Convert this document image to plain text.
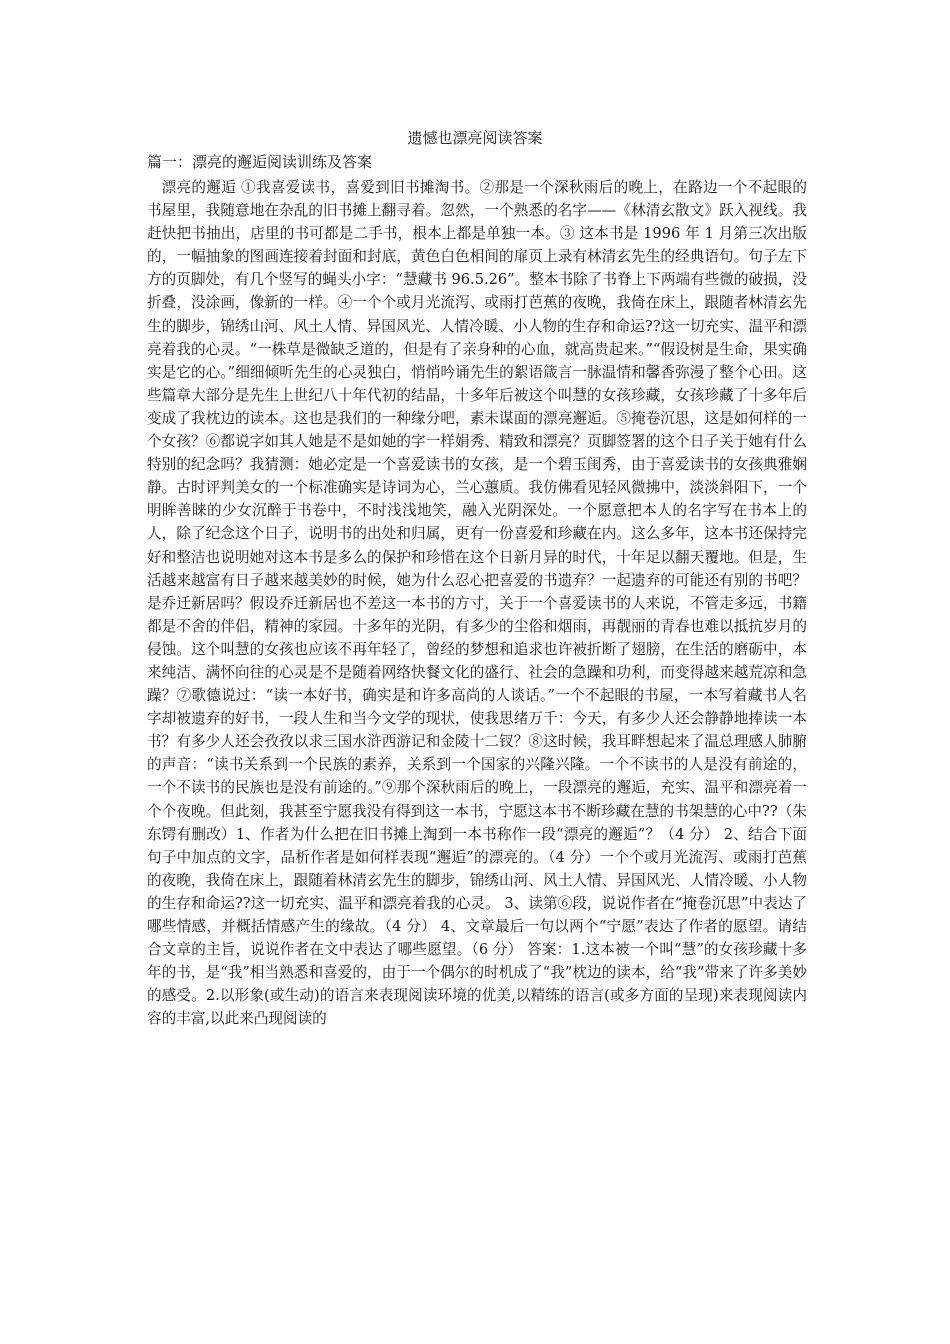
遗憾也漂亮阅读答案
篇一：漂亮的邂逅阅读训练及答案

漂亮的邂逅 ①我喜爱读书，喜爱到旧书摊淘书。②那是一个深秋雨后的晚上，在路边一个不起眼的书屋里，我随意地在杂乱的旧书摊上翻寻着。忽然，一个熟悉的名字——《林清玄散文》跃入视线。我赶快把书抽出，店里的书可都是二手书，根本上都是单独一本。③ 这本书是 1996 年 1 月第三次出版的，一幅抽象的图画连接着封面和封底，黄色白色相间的扉页上录有林清玄先生的经典语句。句子左下方的页脚处，有几个竖写的蝇头小字：“慧藏书 96.5.26”。整本书除了书脊上下两端有些微的破损，没折叠，没涂画，像新的一样。④一个个或月光流泻、或雨打芭蕉的夜晚，我倚在床上，跟随者林清玄先生的脚步，锦绣山河、风土人情、异国风光、人情冷暖、小人物的生存和命运??这一切充实、温平和漂亮着我的心灵。“一株草是微缺乏道的，但是有了亲身种的心血，就高贵起来。”“假设树是生命，果实确实是它的心。”细细倾听先生的心灵独白，悄悄吟诵先生的絮语箴言一脉温情和馨香弥漫了整个心田。这些篇章大部分是先生上世纪八十年代初的结晶，十多年后被这个叫慧的女孩珍藏，女孩珍藏了十多年后变成了我枕边的读本。这也是我们的一种缘分吧，素未谋面的漂亮邂逅。⑤掩卷沉思，这是如何样的一个女孩？⑥都说字如其人她是不是如她的字一样娟秀、精致和漂亮？页脚签署的这个日子关于她有什么特别的纪念吗？我猜测：她必定是一个喜爱读书的女孩，是一个碧玉闺秀，由于喜爱读书的女孩典雅娴静。古时评判美女的一个标准确实是诗词为心，兰心蕙质。我仿佛看见轻风微拂中，淡淡斜阳下，一个明眸善睐的少女沉醉于书卷中，不时浅浅地笑，融入光阴深处。一个愿意把本人的名字写在书本上的人，除了纪念这个日子，说明书的出处和归属，更有一份喜爱和珍藏在内。这么多年，这本书还保持完好和整洁也说明她对这本书是多么的保护和珍惜在这个日新月异的时代，十年足以翻天覆地。但是，生活越来越富有日子越来越美妙的时候，她为什么忍心把喜爱的书遗弃？一起遗弃的可能还有别的书吧？是乔迁新居吗？假设乔迁新居也不差这一本书的方寸，关于一个喜爱读书的人来说，不管走多远，书籍都是不舍的伴侣，精神的家园。十多年的光阴，有多少的尘俗和烟雨，再靓丽的青春也难以抵抗岁月的侵蚀。这个叫慧的女孩也应该不再年轻了，曾经的梦想和追求也许被折断了翅膀，在生活的磨砺中，本来纯洁、满怀向往的心灵是不是随着网络快餐文化的盛行、社会的急躁和功利，而变得越来越荒凉和急躁？⑦歌德说过：“读一本好书，确实是和许多高尚的人谈话。”一个不起眼的书屋，一本写着藏书人名字却被遗弃的好书，一段人生和当今文学的现状，使我思绪万千：今天，有多少人还会静静地捧读一本书？有多少人还会孜孜以求三国水浒西游记和金陵十二钗？⑧这时候，我耳畔想起来了温总理感人肺腑的声音：“读书关系到一个民族的素养，关系到一个国家的兴隆兴隆。一个不读书的人是没有前途的，一个不读书的民族也是没有前途的。”⑨那个深秋雨后的晚上，一段漂亮的邂逅，充实、温平和漂亮着一个个夜晚。但此刻，我甚至宁愿我没有得到这一本书，宁愿这本书不断珍藏在慧的书架慧的心中??（朱东锷有删改）1、作者为什么把在旧书摊上淘到一本书称作一段“漂亮的邂逅”？（4 分） 2、结合下面句子中加点的文字，品析作者是如何样表现“邂逅”的漂亮的。（4 分）一个个或月光流泻、或雨打芭蕉的夜晚，我倚在床上，跟随着林清玄先生的脚步，锦绣山河、风土人情、异国风光、人情冷暖、小人物的生存和命运??这一切充实、温平和漂亮着我的心灵。 3、读第⑥段，说说作者在“掩卷沉思”中表达了哪些情感，并概括情感产生的缘故。（4 分） 4、文章最后一句以两个“宁愿”表达了作者的愿望。请结合文章的主旨，说说作者在文中表达了哪些愿望。（6 分） 答案：1.这本被一个叫“慧”的女孩珍藏十多年的书，是“我”相当熟悉和喜爱的，由于一个偶尔的时机成了“我”枕边的读本，给“我”带来了许多美妙的感受。2.以形象(或生动)的语言来表现阅读环境的优美,以精练的语言(或多方面的呈现)来表现阅读内容的丰富,以此来凸现阅读的
